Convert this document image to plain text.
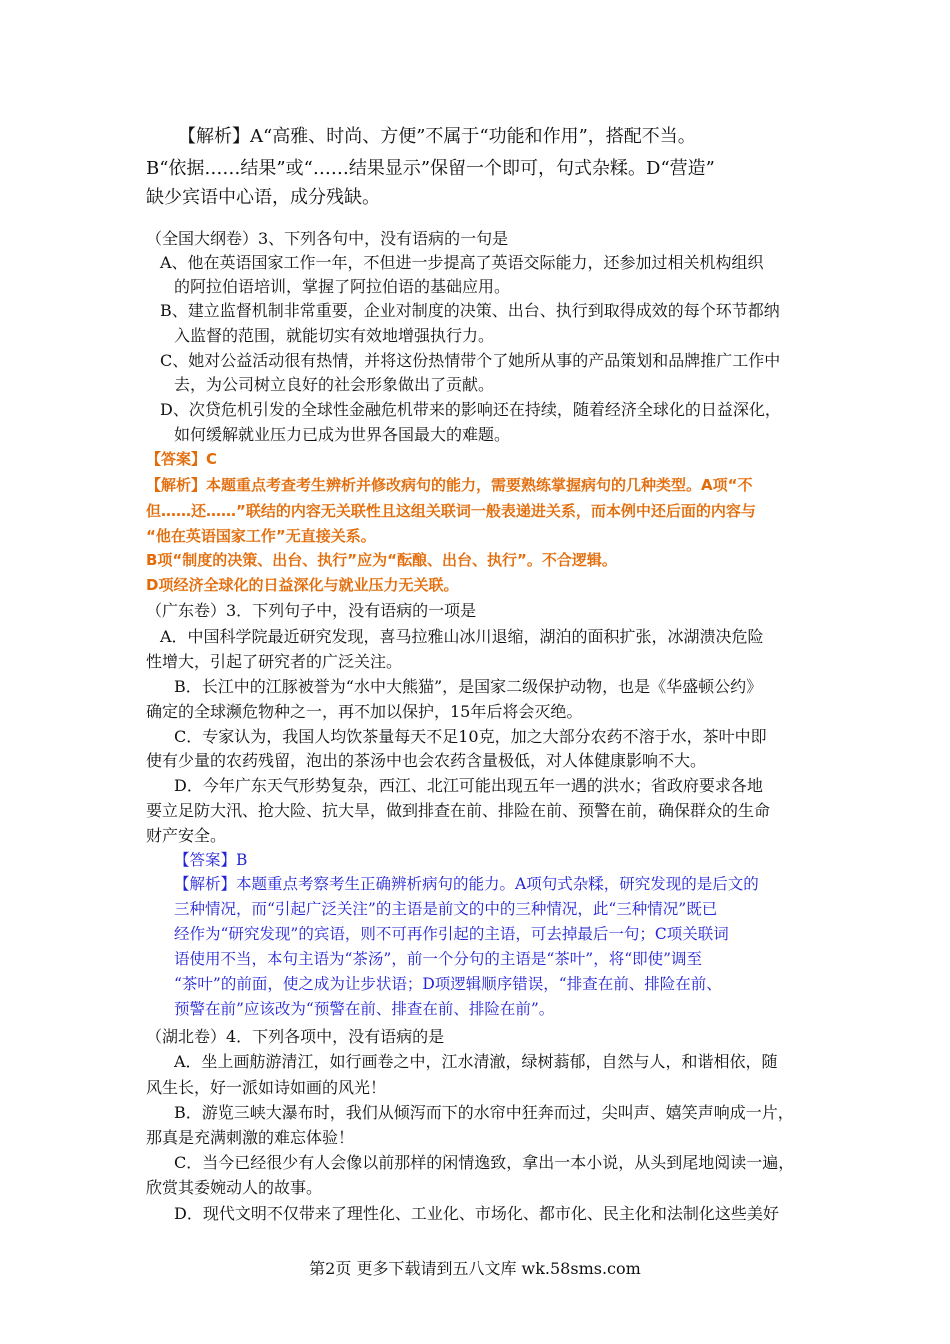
【解析】A“高雅、时尚、方便”不属于“功能和作用”，搭配不当。
B“依据……结果”或“……结果显示”保留一个即可，句式杂糅。D“营造”
缺少宾语中心语，成分残缺。
（全国大纲卷）3、下列各句中，没有语病的一句是
A、他在英语国家工作一年，不但进一步提高了英语交际能力，还参加过相关机构组织
的阿拉伯语培训，掌握了阿拉伯语的基础应用。
B、建立监督机制非常重要，企业对制度的决策、出台、执行到取得成效的每个环节都纳
入监督的范围，就能切实有效地增强执行力。
C、她对公益活动很有热情，并将这份热情带个了她所从事的产品策划和品牌推广工作中
去，为公司树立良好的社会形象做出了贡献。
D、次贷危机引发的全球性金融危机带来的影响还在持续，随着经济全球化的日益深化，
如何缓解就业压力已成为世界各国最大的难题。
【答案】C
【解析】本题重点考查考生辨析并修改病句的能力，需要熟练掌握病句的几种类型。A项“不
但……还……”联结的内容无关联性且这组关联词一般表递进关系，而本例中还后面的内容与
“他在英语国家工作”无直接关系。
B项“制度的决策、出台、执行”应为“酝酿、出台、执行”。不合逻辑。
D项经济全球化的日益深化与就业压力无关联。
（广东卷）3．下列句子中，没有语病的一项是
A．中国科学院最近研究发现，喜马拉雅山冰川退缩，湖泊的面积扩张，冰湖溃决危险
性增大，引起了研究者的广泛关注。
B．长江中的江豚被誉为“水中大熊猫”，是国家二级保护动物，也是《华盛顿公约》
确定的全球濒危物种之一，再不加以保护，15年后将会灭绝。
C．专家认为，我国人均饮茶量每天不足10克，加之大部分农药不溶于水，茶叶中即
使有少量的农药残留，泡出的茶汤中也会农药含量极低，对人体健康影响不大。
D．今年广东天气形势复杂，西江、北江可能出现五年一遇的洪水；省政府要求各地
要立足防大汛、抢大险、抗大旱，做到排查在前、排险在前、预警在前，确保群众的生命
财产安全。
【答案】B
【解析】本题重点考察考生正确辨析病句的能力。A项句式杂糅，研究发现的是后文的
三种情况，而“引起广泛关注”的主语是前文的中的三种情况，此“三种情况”既已
经作为“研究发现”的宾语，则不可再作引起的主语，可去掉最后一句；C项关联词
语使用不当，本句主语为“茶汤”，前一个分句的主语是“茶叶”，将“即使”调至
“茶叶”的前面，使之成为让步状语；D项逻辑顺序错误，“排查在前、排险在前、
预警在前”应该改为“预警在前、排查在前、排险在前”。
（湖北卷）4．下列各项中，没有语病的是
A．坐上画舫游清江，如行画卷之中，江水清澈，绿树蓊郁，自然与人，和谐相依，随
风生长，好一派如诗如画的风光！
B．游览三峡大瀑布时，我们从倾泻而下的水帘中狂奔而过，尖叫声、嬉笑声响成一片，
那真是充满刺激的难忘体验！
C．当今已经很少有人会像以前那样的闲情逸致，拿出一本小说，从头到尾地阅读一遍，
欣赏其委婉动人的故事。
D．现代文明不仅带来了理性化、工业化、市场化、都市化、民主化和法制化这些美好
第2页 更多下载请到五八文库 wk.58sms.com
